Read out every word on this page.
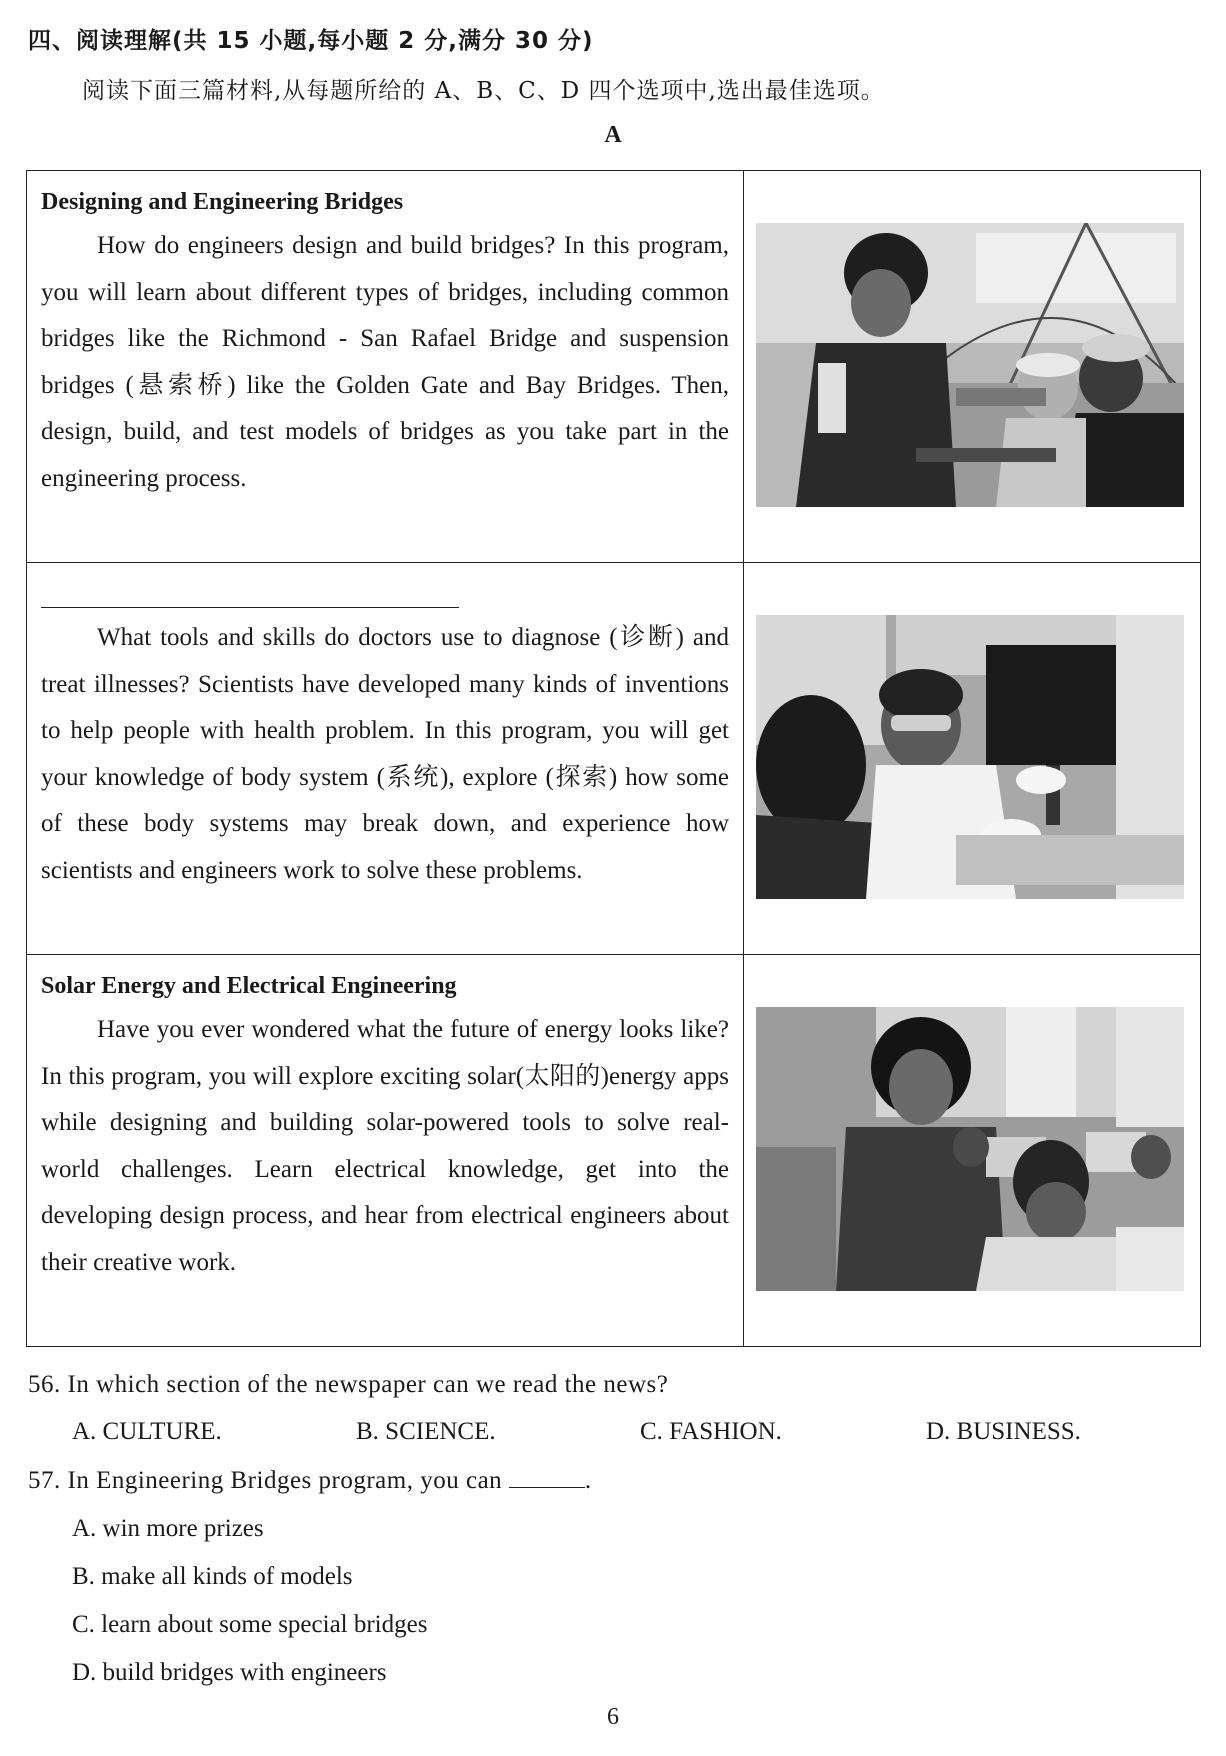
四、阅读理解(共 15 小题,每小题 2 分,满分 30 分)
阅读下面三篇材料,从每题所给的 A、B、C、D 四个选项中,选出最佳选项。
A
Designing and Engineering Bridges
How do engineers design and build bridges? In this program, you will learn about different types of bridges, including common bridges like the Richmond - San Rafael Bridge and suspension bridges (悬索桥) like the Golden Gate and Bay Bridges. Then, design, build, and test models of bridges as you take part in the engineering process.

What tools and skills do doctors use to diagnose (诊断) and treat illnesses? Scientists have developed many kinds of inventions to help people with health problem. In this program, you will get your knowledge of body system (系统), explore (探索) how some of these body systems may break down, and experience how scientists and engineers work to solve these problems.

Solar Energy and Electrical Engineering
Have you ever wondered what the future of energy looks like? In this program, you will explore exciting solar(太阳的)energy apps while designing and building solar-powered tools to solve real-world challenges. Learn electrical knowledge, get into the developing design process, and hear from electrical engineers about their creative work.

56. In which section of the newspaper can we read the news?
A. CULTURE.	B. SCIENCE.	C. FASHION.	D. BUSINESS.
57. In Engineering Bridges program, you can	.
A. win more prizes
B. make all kinds of models
C. learn about some special bridges
D. build bridges with engineers
6
